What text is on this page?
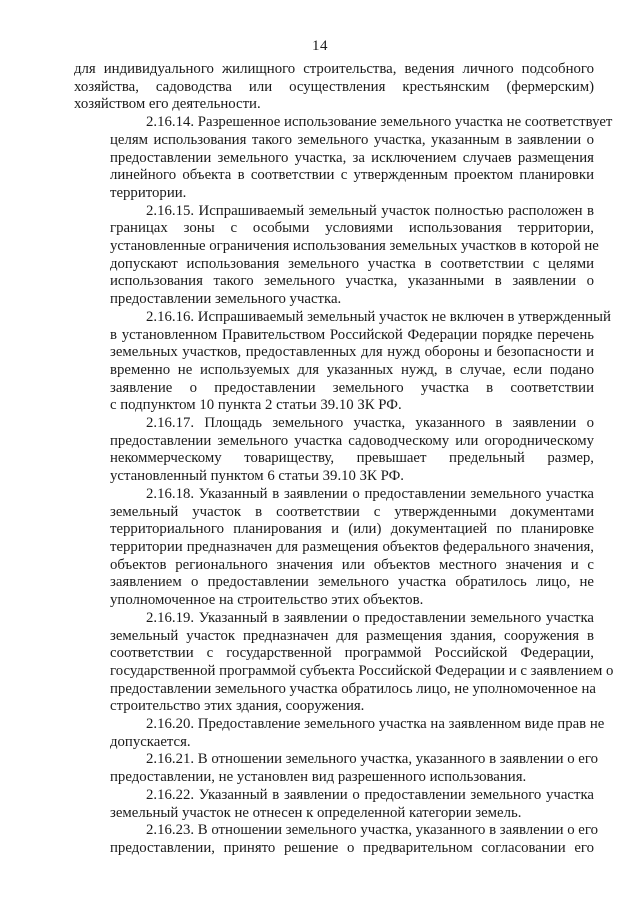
14
для индивидуального жилищного строительства, ведения личного подсобного
хозяйства, садоводства или осуществления крестьянским (фермерским)
хозяйством его деятельности.
2.16.14. Разрешенное использование земельного участка не соответствует
целям использования такого земельного участка, указанным в заявлении о
предоставлении земельного участка, за исключением случаев размещения
линейного объекта в соответствии с утвержденным проектом планировки
территории.
2.16.15. Испрашиваемый земельный участок полностью расположен в
границах зоны с особыми условиями использования территории,
установленные ограничения использования земельных участков в которой не
допускают использования земельного участка в соответствии с целями
использования такого земельного участка, указанными в заявлении о
предоставлении земельного участка.
2.16.16. Испрашиваемый земельный участок не включен в утвержденный
в установленном Правительством Российской Федерации порядке перечень
земельных участков, предоставленных для нужд обороны и безопасности и
временно не используемых для указанных нужд, в случае, если подано
заявление о предоставлении земельного участка в соответствии
с подпунктом 10 пункта 2 статьи 39.10 ЗК РФ.
2.16.17. Площадь земельного участка, указанного в заявлении о
предоставлении земельного участка садоводческому или огородническому
некоммерческому товариществу, превышает предельный размер,
установленный пунктом 6 статьи 39.10 ЗК РФ.
2.16.18. Указанный в заявлении о предоставлении земельного участка
земельный участок в соответствии с утвержденными документами
территориального планирования и (или) документацией по планировке
территории предназначен для размещения объектов федерального значения,
объектов регионального значения или объектов местного значения и с
заявлением о предоставлении земельного участка обратилось лицо, не
уполномоченное на строительство этих объектов.
2.16.19. Указанный в заявлении о предоставлении земельного участка
земельный участок предназначен для размещения здания, сооружения в
соответствии с государственной программой Российской Федерации,
государственной программой субъекта Российской Федерации и с заявлением о
предоставлении земельного участка обратилось лицо, не уполномоченное на
строительство этих здания, сооружения.
2.16.20. Предоставление земельного участка на заявленном виде прав не
допускается.
2.16.21. В отношении земельного участка, указанного в заявлении о его
предоставлении, не установлен вид разрешенного использования.
2.16.22. Указанный в заявлении о предоставлении земельного участка
земельный участок не отнесен к определенной категории земель.
2.16.23. В отношении земельного участка, указанного в заявлении о его
предоставлении, принято решение о предварительном согласовании его
